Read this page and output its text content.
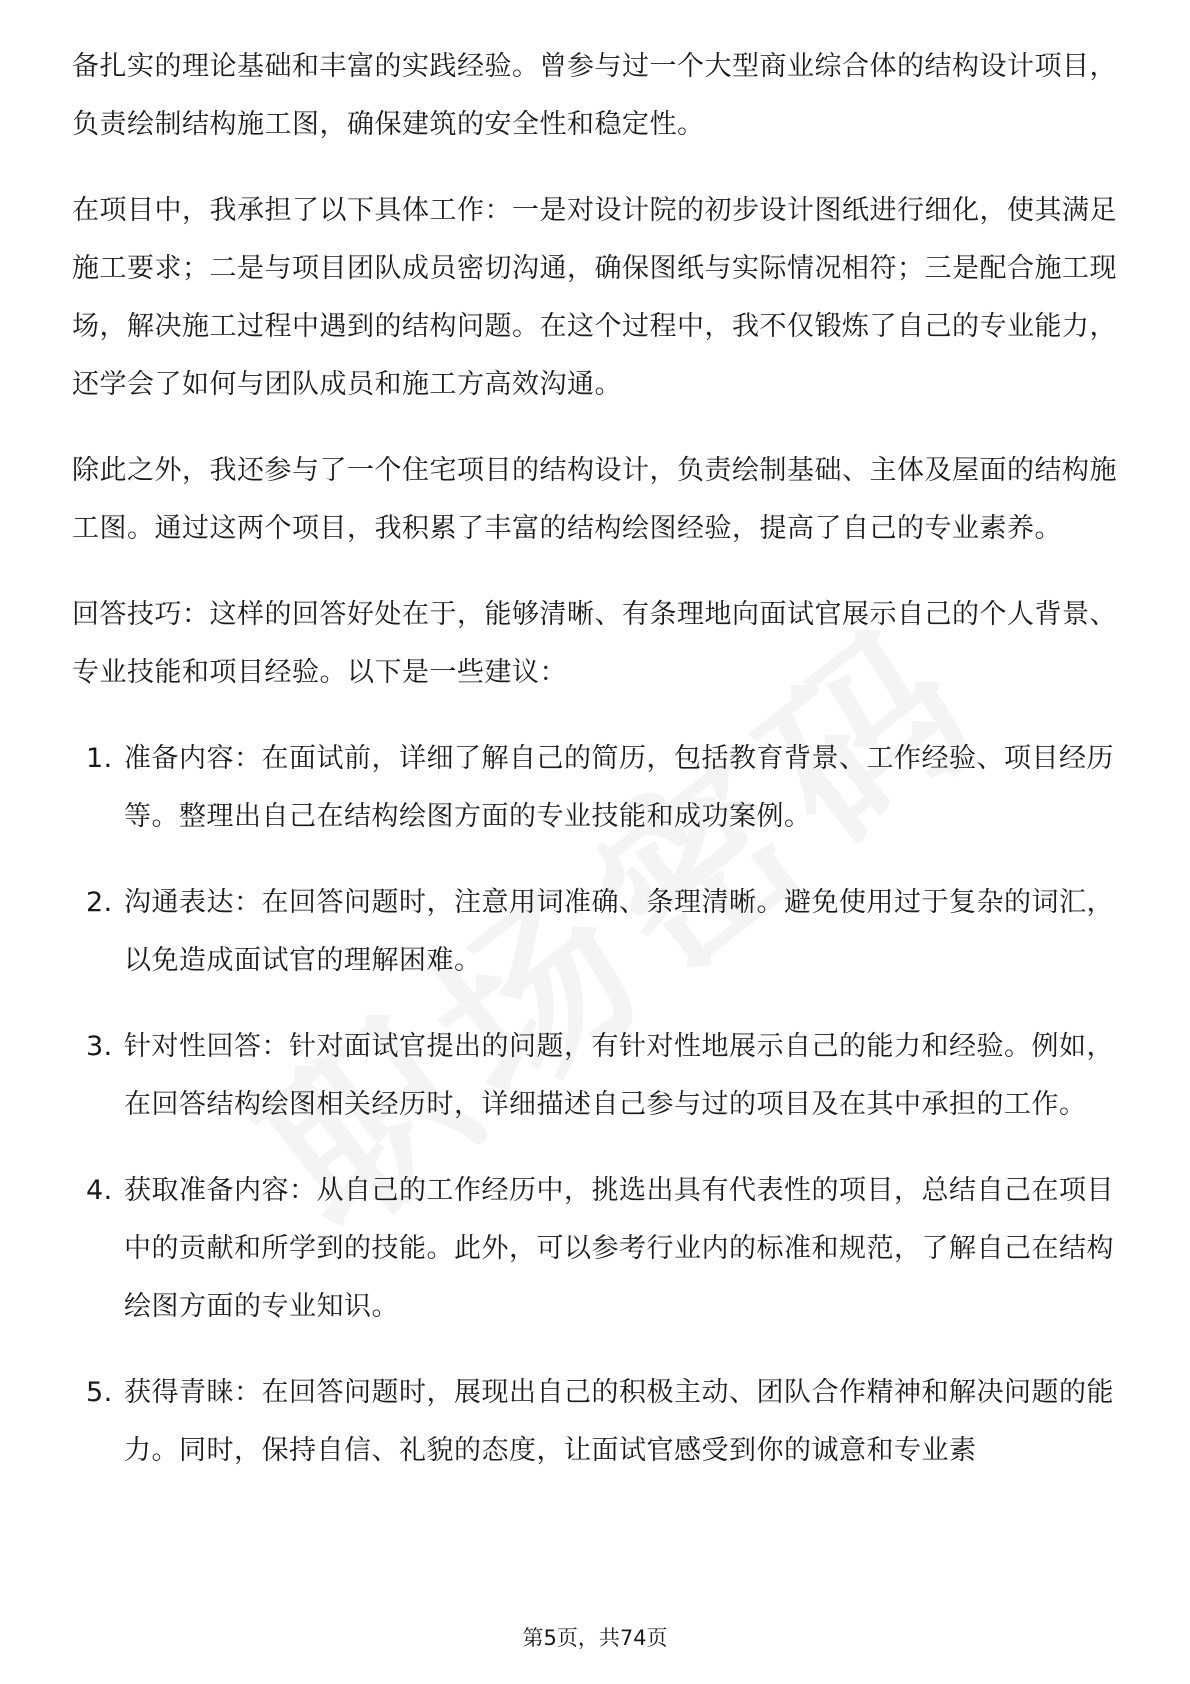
备扎实的理论基础和丰富的实践经验。曾参与过一个大型商业综合体的结构设计项目，负责绘制结构施工图，确保建筑的安全性和稳定性。

在项目中，我承担了以下具体工作：一是对设计院的初步设计图纸进行细化，使其满足施工要求；二是与项目团队成员密切沟通，确保图纸与实际情况相符；三是配合施工现场，解决施工过程中遇到的结构问题。在这个过程中，我不仅锻炼了自己的专业能力，还学会了如何与团队成员和施工方高效沟通。

除此之外，我还参与了一个住宅项目的结构设计，负责绘制基础、主体及屋面的结构施工图。通过这两个项目，我积累了丰富的结构绘图经验，提高了自己的专业素养。

回答技巧：这样的回答好处在于，能够清晰、有条理地向面试官展示自己的个人背景、专业技能和项目经验。以下是一些建议：

1. 准备内容：在面试前，详细了解自己的简历，包括教育背景、工作经验、项目经历等。整理出自己在结构绘图方面的专业技能和成功案例。
2. 沟通表达：在回答问题时，注意用词准确、条理清晰。避免使用过于复杂的词汇，以免造成面试官的理解困难。
3. 针对性回答：针对面试官提出的问题，有针对性地展示自己的能力和经验。例如，在回答结构绘图相关经历时，详细描述自己参与过的项目及在其中承担的工作。
4. 获取准备内容：从自己的工作经历中，挑选出具有代表性的项目，总结自己在项目中的贡献和所学到的技能。此外，可以参考行业内的标准和规范，了解自己在结构绘图方面的专业知识。
5. 获得青睐：在回答问题时，展现出自己的积极主动、团队合作精神和解决问题的能力。同时，保持自信、礼貌的态度，让面试官感受到你的诚意和专业素
第5页，共74页
